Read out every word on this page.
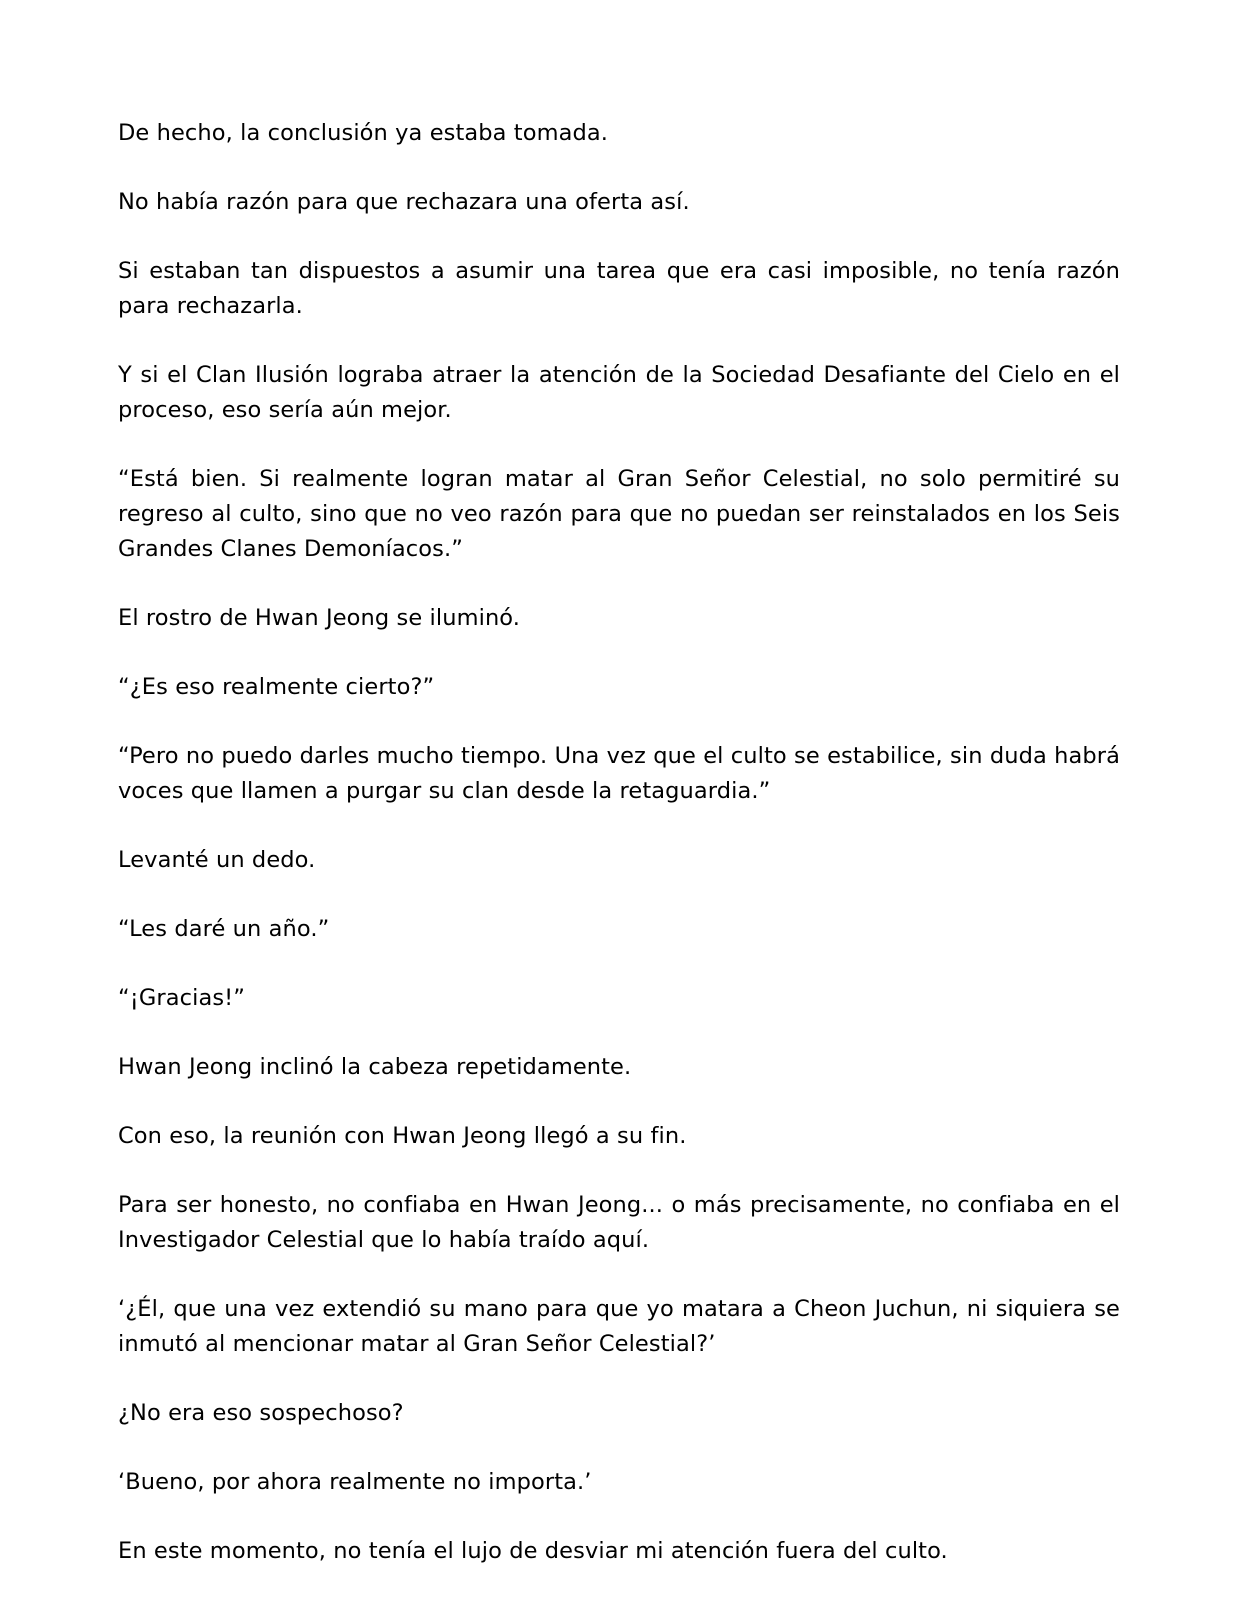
De hecho, la conclusión ya estaba tomada.

No había razón para que rechazara una oferta así.

Si estaban tan dispuestos a asumir una tarea que era casi imposible, no tenía razón para rechazarla.

Y si el Clan Ilusión lograba atraer la atención de la Sociedad Desafiante del Cielo en el proceso, eso sería aún mejor.

“Está bien. Si realmente logran matar al Gran Señor Celestial, no solo permitiré su regreso al culto, sino que no veo razón para que no puedan ser reinstalados en los Seis Grandes Clanes Demoníacos.”

El rostro de Hwan Jeong se iluminó.

“¿Es eso realmente cierto?”

“Pero no puedo darles mucho tiempo. Una vez que el culto se estabilice, sin duda habrá voces que llamen a purgar su clan desde la retaguardia.”

Levanté un dedo.

“Les daré un año.”

“¡Gracias!”

Hwan Jeong inclinó la cabeza repetidamente.

Con eso, la reunión con Hwan Jeong llegó a su fin.

Para ser honesto, no confiaba en Hwan Jeong... o más precisamente, no confiaba en el Investigador Celestial que lo había traído aquí.

‘¿Él, que una vez extendió su mano para que yo matara a Cheon Juchun, ni siquiera se inmutó al mencionar matar al Gran Señor Celestial?’

¿No era eso sospechoso?

‘Bueno, por ahora realmente no importa.’

En este momento, no tenía el lujo de desviar mi atención fuera del culto.
